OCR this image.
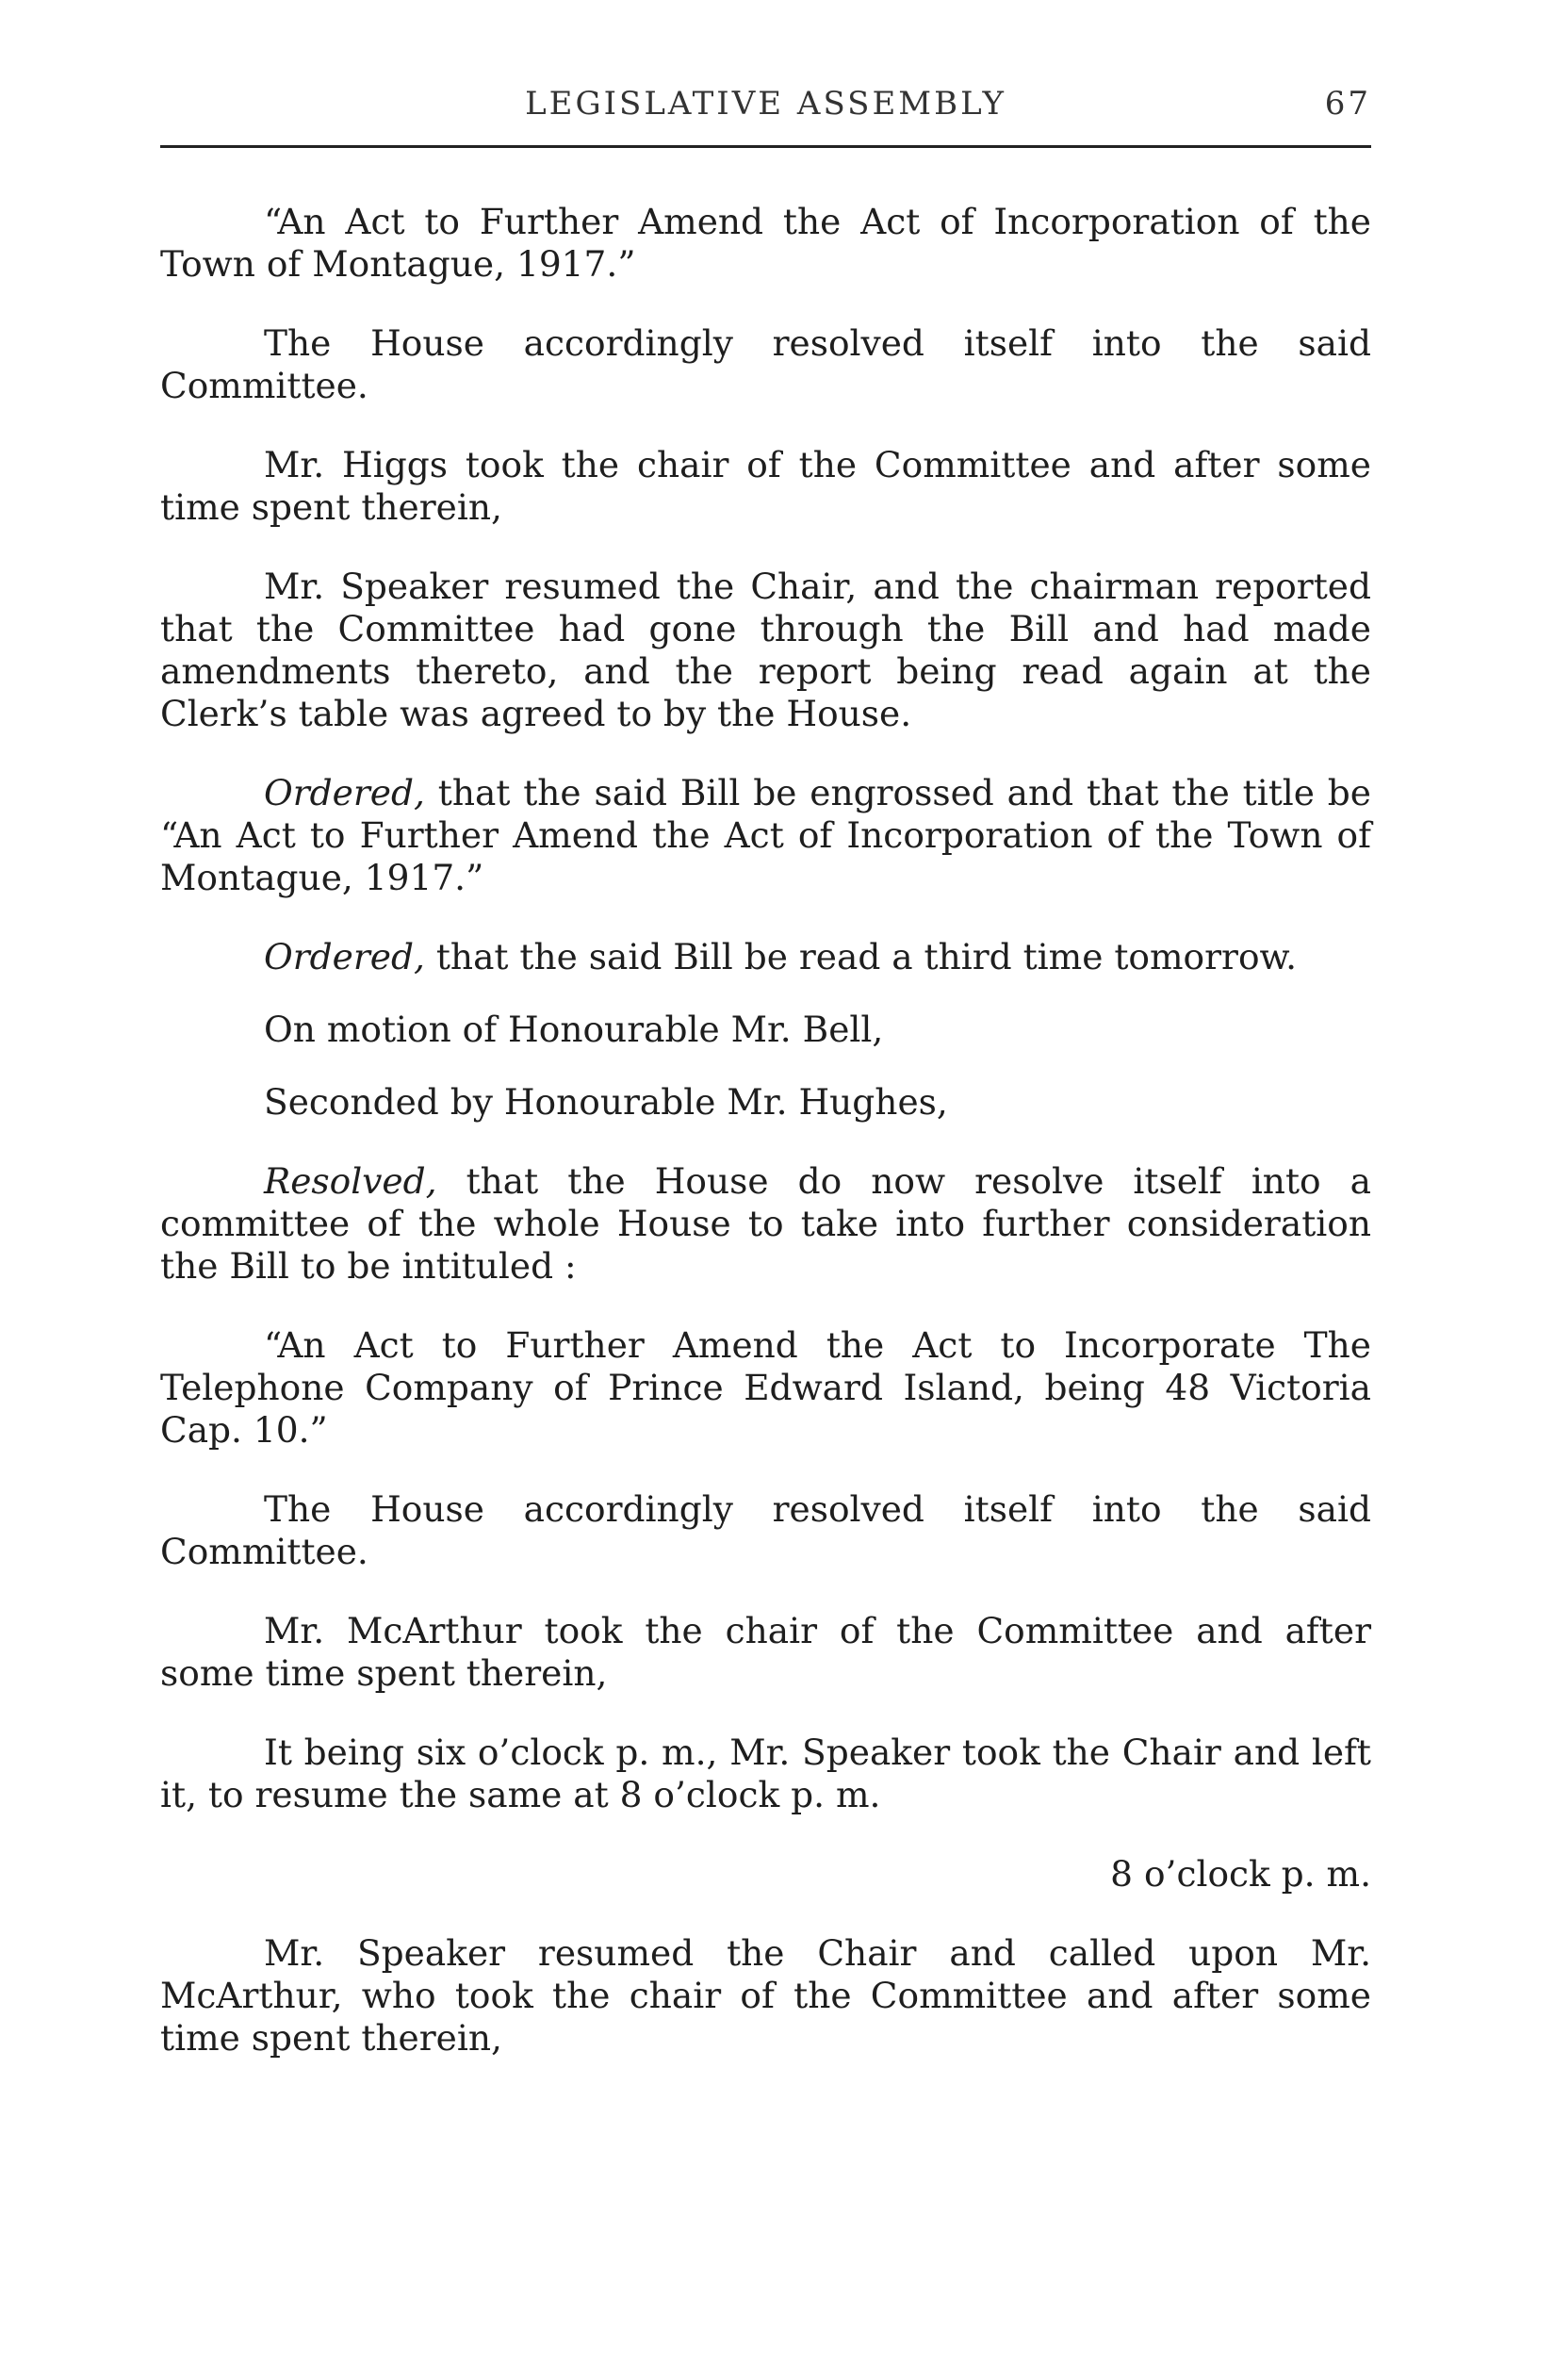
LEGISLATIVE ASSEMBLY	67

“An Act to Further Amend the Act of Incorporation of the Town of Montague, 1917.”

The House accordingly resolved itself into the said Committee.

Mr. Higgs took the chair of the Committee and after some time spent therein,

Mr. Speaker resumed the Chair, and the chairman reported that the Committee had gone through the Bill and had made amendments thereto, and the report being read again at the Clerk’s table was agreed to by the House.

Ordered, that the said Bill be engrossed and that the title be “An Act to Further Amend the Act of Incorporation of the Town of Montague, 1917.”

Ordered, that the said Bill be read a third time tomorrow.

On motion of Honourable Mr. Bell,

Seconded by Honourable Mr. Hughes,

Resolved, that the House do now resolve itself into a committee of the whole House to take into further consideration the Bill to be intituled :

“An Act to Further Amend the Act to Incorporate The Telephone Company of Prince Edward Island, being 48 Victoria Cap. 10.”

The House accordingly resolved itself into the said Committee.

Mr. McArthur took the chair of the Committee and after some time spent therein,

It being six o’clock p. m., Mr. Speaker took the Chair and left it, to resume the same at 8 o’clock p. m.

8 o’clock p. m.

Mr. Speaker resumed the Chair and called upon Mr. McArthur, who took the chair of the Committee and after some time spent therein,
